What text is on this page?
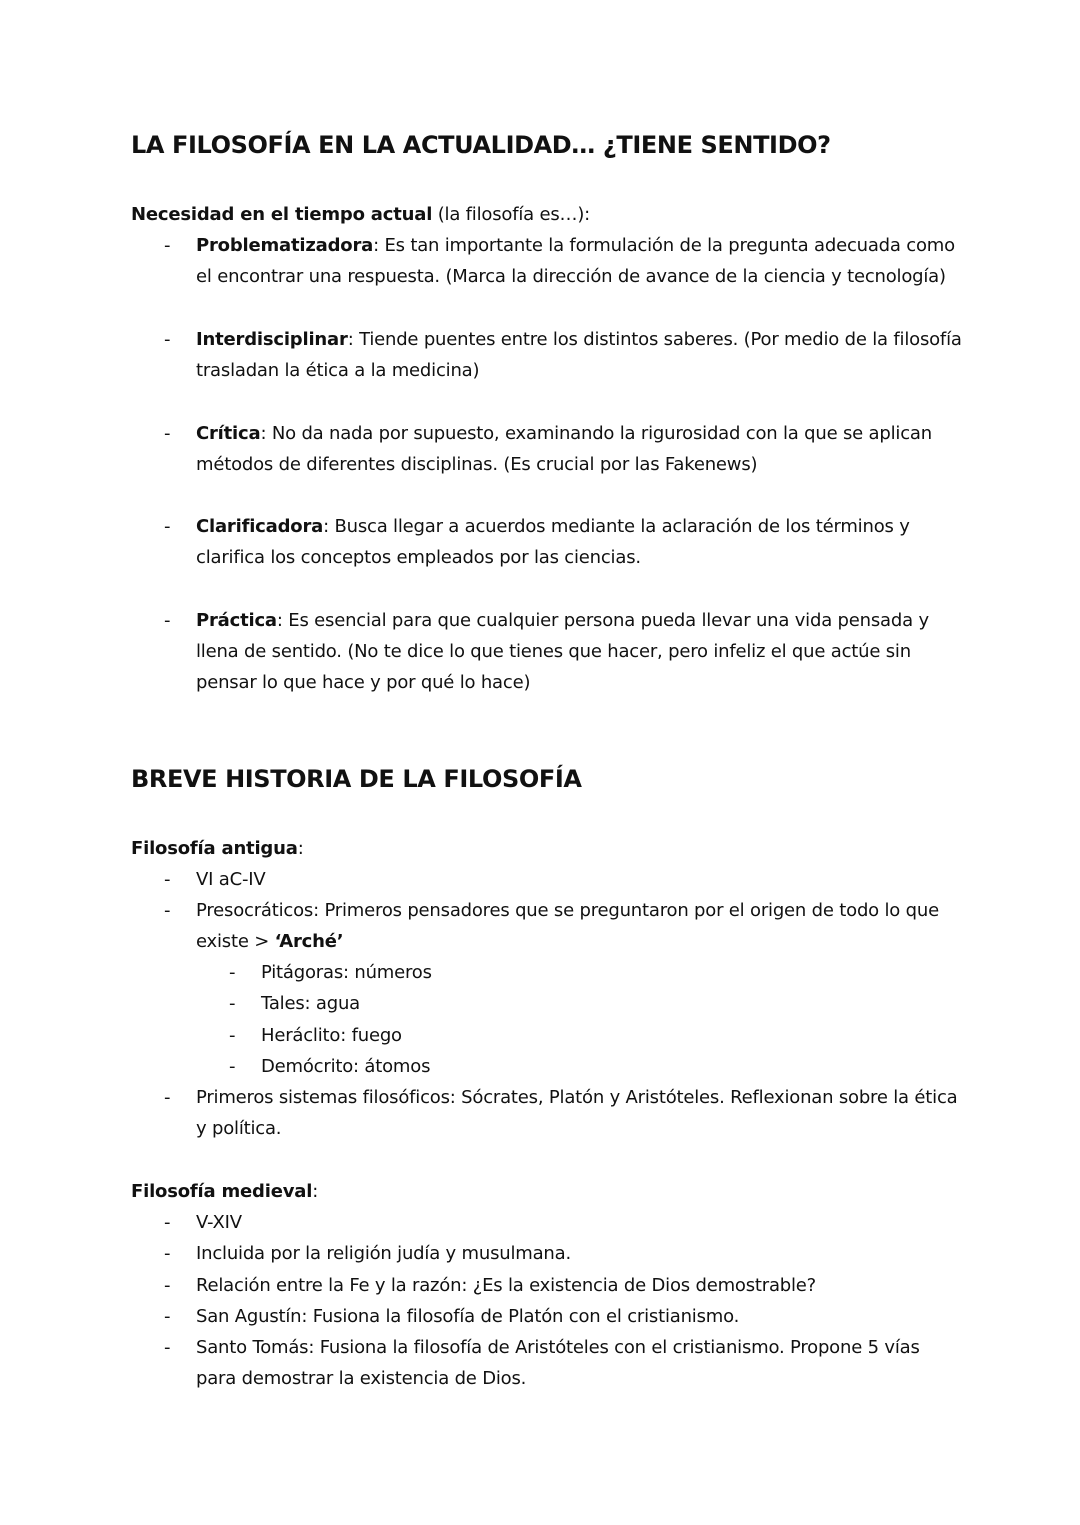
LA FILOSOFÍA EN LA ACTUALIDAD… ¿TIENE SENTIDO?

Necesidad en el tiempo actual (la filosofía es…):

- Problematizadora: Es tan importante la formulación de la pregunta adecuada como el encontrar una respuesta. (Marca la dirección de avance de la ciencia y tecnología)
- Interdisciplinar: Tiende puentes entre los distintos saberes. (Por medio de la filosofía trasladan la ética a la medicina)
- Crítica: No da nada por supuesto, examinando la rigurosidad con la que se aplican métodos de diferentes disciplinas. (Es crucial por las Fakenews)
- Clarificadora: Busca llegar a acuerdos mediante la aclaración de los términos y clarifica los conceptos empleados por las ciencias.
- Práctica: Es esencial para que cualquier persona pueda llevar una vida pensada y llena de sentido. (No te dice lo que tienes que hacer, pero infeliz el que actúe sin pensar lo que hace y por qué lo hace)
BREVE HISTORIA DE LA FILOSOFÍA

Filosofía antigua:

- VI aC-IV
- Presocráticos: Primeros pensadores que se preguntaron por el origen de todo lo que existe > ‘Arché’
- Pitágoras: números
- Tales: agua
- Heráclito: fuego
- Demócrito: átomos
- Primeros sistemas filosóficos: Sócrates, Platón y Aristóteles. Reflexionan sobre la ética y política.

Filosofía medieval:

- V-XIV
- Incluida por la religión judía y musulmana.
- Relación entre la Fe y la razón: ¿Es la existencia de Dios demostrable?
- San Agustín: Fusiona la filosofía de Platón con el cristianismo.
- Santo Tomás: Fusiona la filosofía de Aristóteles con el cristianismo. Propone 5 vías para demostrar la existencia de Dios.
